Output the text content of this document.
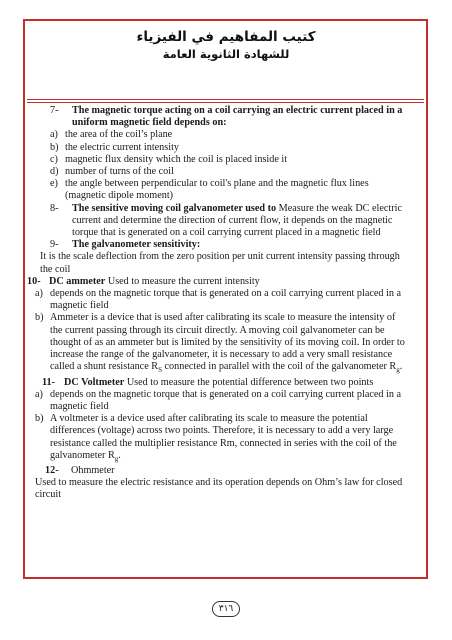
كتيب المفاهيم في الفيزياء
للشهادة الثانوية العامة
7-	The magnetic torque acting on a coil carrying an electric current placed in a uniform magnetic field depends on:
a) the area of the coil’s plane
b) the electric current intensity
c) magnetic flux density which the coil is placed inside it
d) number of turns of the coil
e) the angle between perpendicular to coil's plane and the magnetic flux lines (magnetic dipole moment)
8-	The sensitive moving coil galvanometer used to Measure the weak DC electric current and determine the direction of current flow, it depends on the magnetic torque that is generated on a coil carrying current placed in a magnetic field
9-	The galvanometer sensitivity:
It is the scale deflection from the zero position per unit current intensity passing through the coil
10- DC ammeter Used to measure the current intensity
a) depends on the magnetic torque that is generated on a coil carrying current placed in a magnetic field
b) Ammeter is a device that is used after calibrating its scale to measure the intensity of the current passing through its circuit directly. A moving coil galvanometer can be thought of as an ammeter but is limited by the sensitivity of its moving coil. In order to increase the range of the galvanometer, it is necessary to add a very small resistance called a shunt resistance $R_S$ connected in parallel with the coil of the galvanometer $R_g$.
11- DC Voltmeter Used to measure the potential difference between two points
a) depends on the magnetic torque that is generated on a coil carrying current placed in a magnetic field
b) A voltmeter is a device used after calibrating its scale to measure the potential differences (voltage) across two points. Therefore, it is necessary to add a very large resistance called the multiplier resistance Rm, connected in series with the coil of the galvanometer $R_g$.
12-	Ohmmeter
Used to measure the electric resistance and its operation depends on Ohm’s law for closed circuit
٣١٦
